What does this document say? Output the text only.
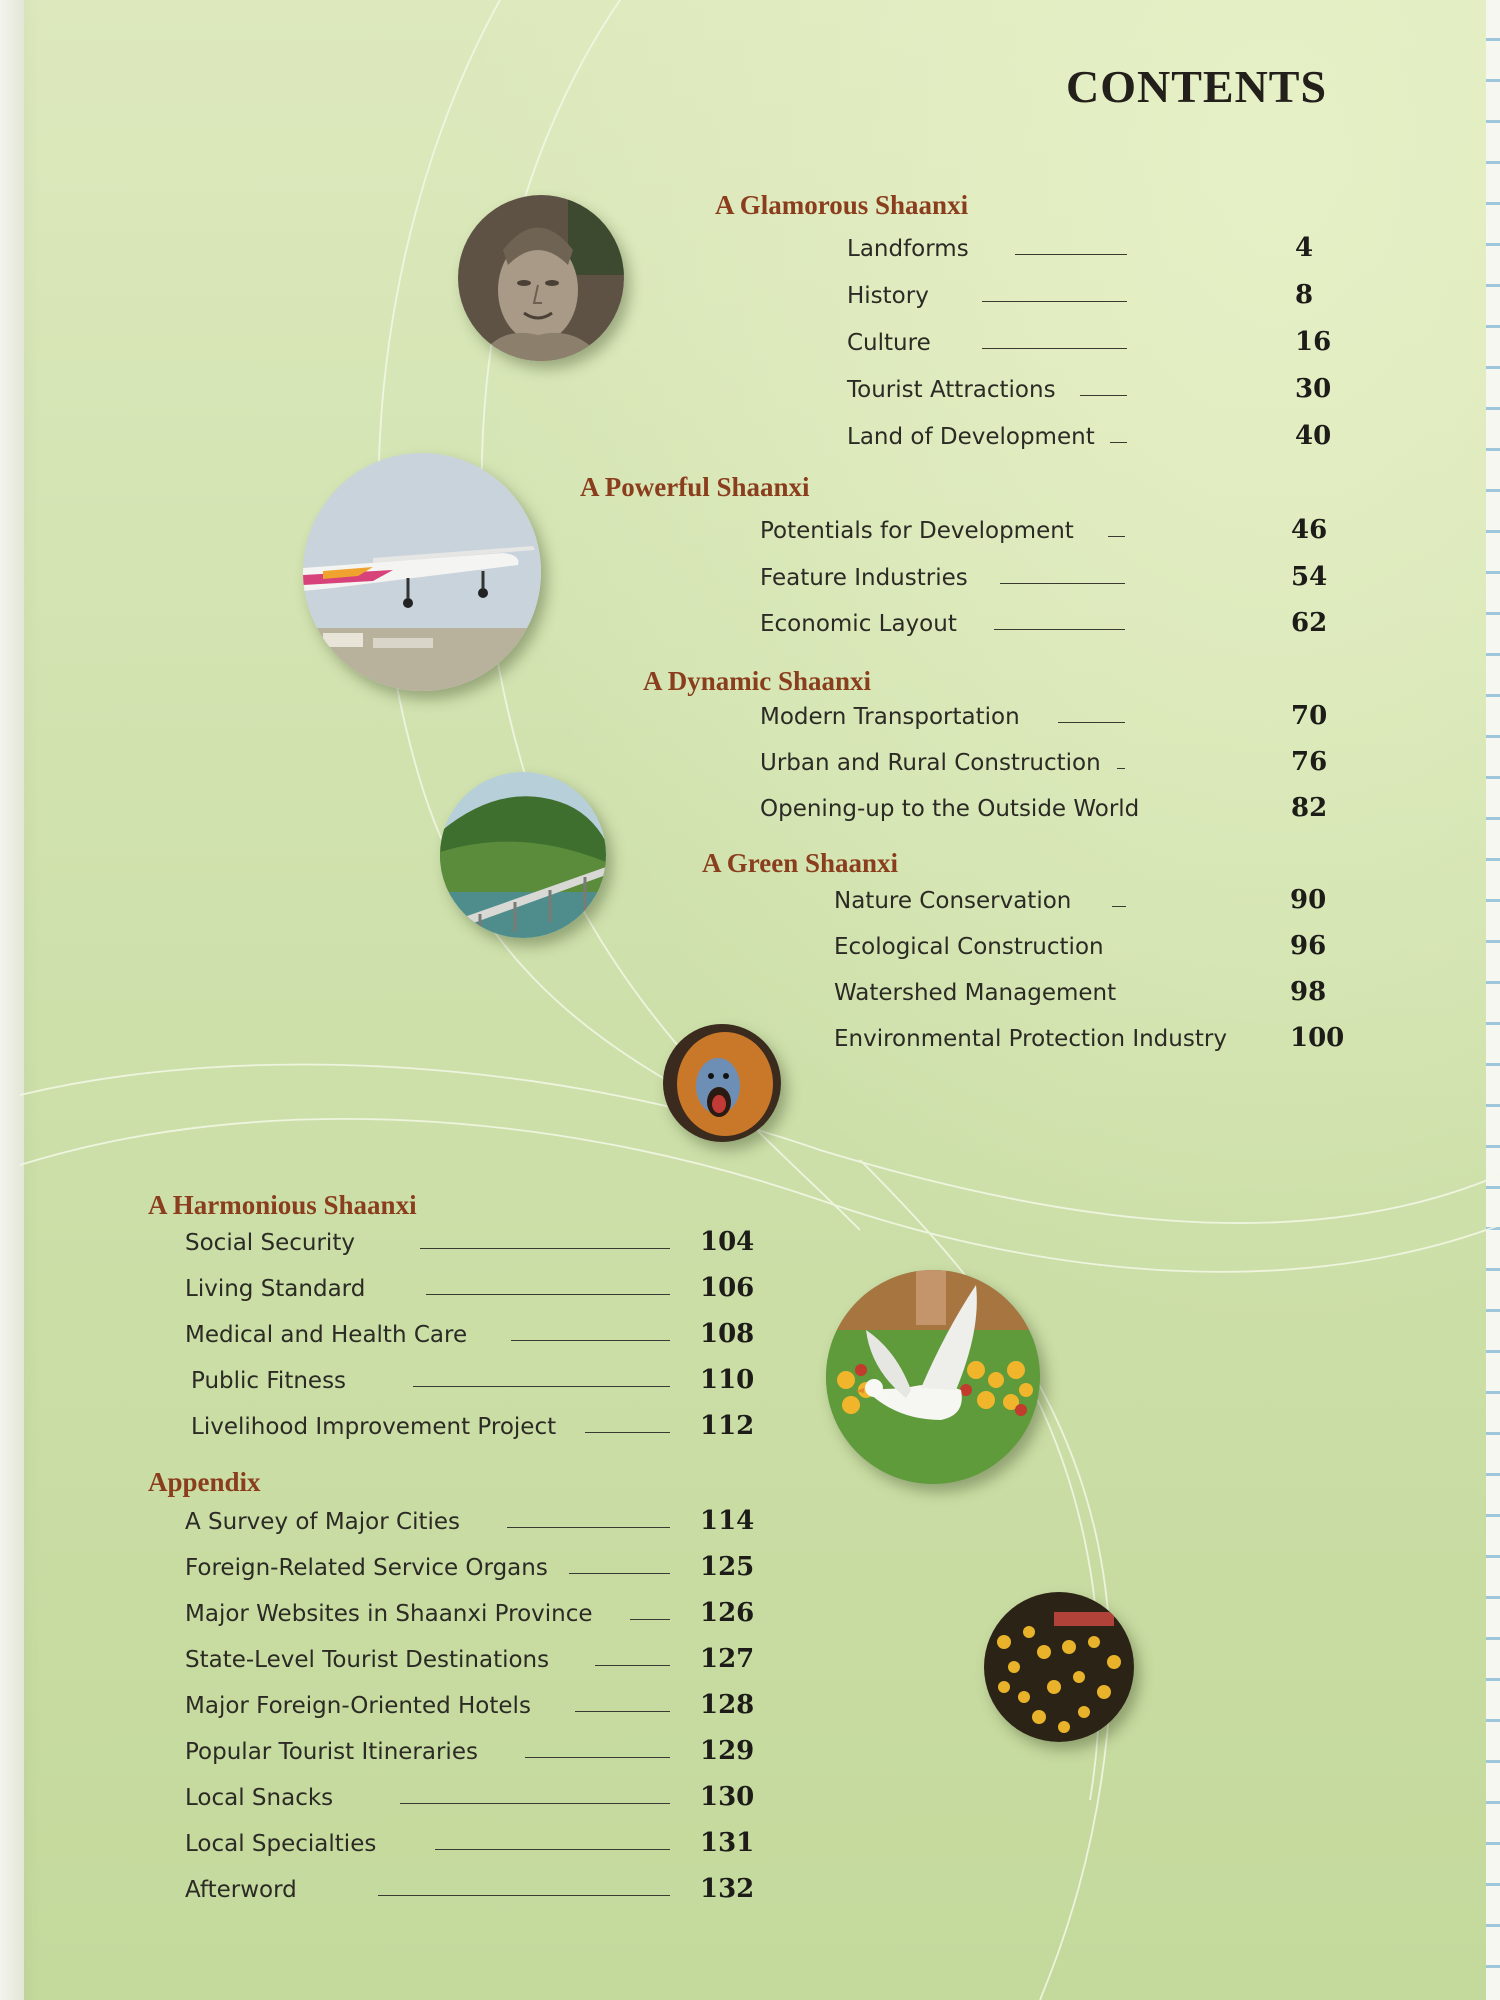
CONTENTS
A Glamorous Shaanxi
Landforms	4
History	8
Culture	16
Tourist Attractions	30
Land of Development	40
A Powerful Shaanxi
Potentials for Development	46
Feature Industries	54
Economic Layout	62
A Dynamic Shaanxi
Modern Transportation	70
Urban and Rural Construction	76
Opening-up to the Outside World	82
A Green Shaanxi
Nature Conservation	90
Ecological Construction	96
Watershed Management	98
Environmental Protection Industry 100
A Harmonious Shaanxi
Social Security	104
Living Standard	106
Medical and Health Care	108
Public Fitness	110
Livelihood Improvement Project	112
Appendix
A Survey of Major Cities	114
Foreign-Related Service Organs	125
Major Websites in Shaanxi Province	126
State-Level Tourist Destinations	127
Major Foreign-Oriented Hotels	128
Popular Tourist Itineraries	129
Local Snacks	130
Local Specialties	131
Afterword	132
